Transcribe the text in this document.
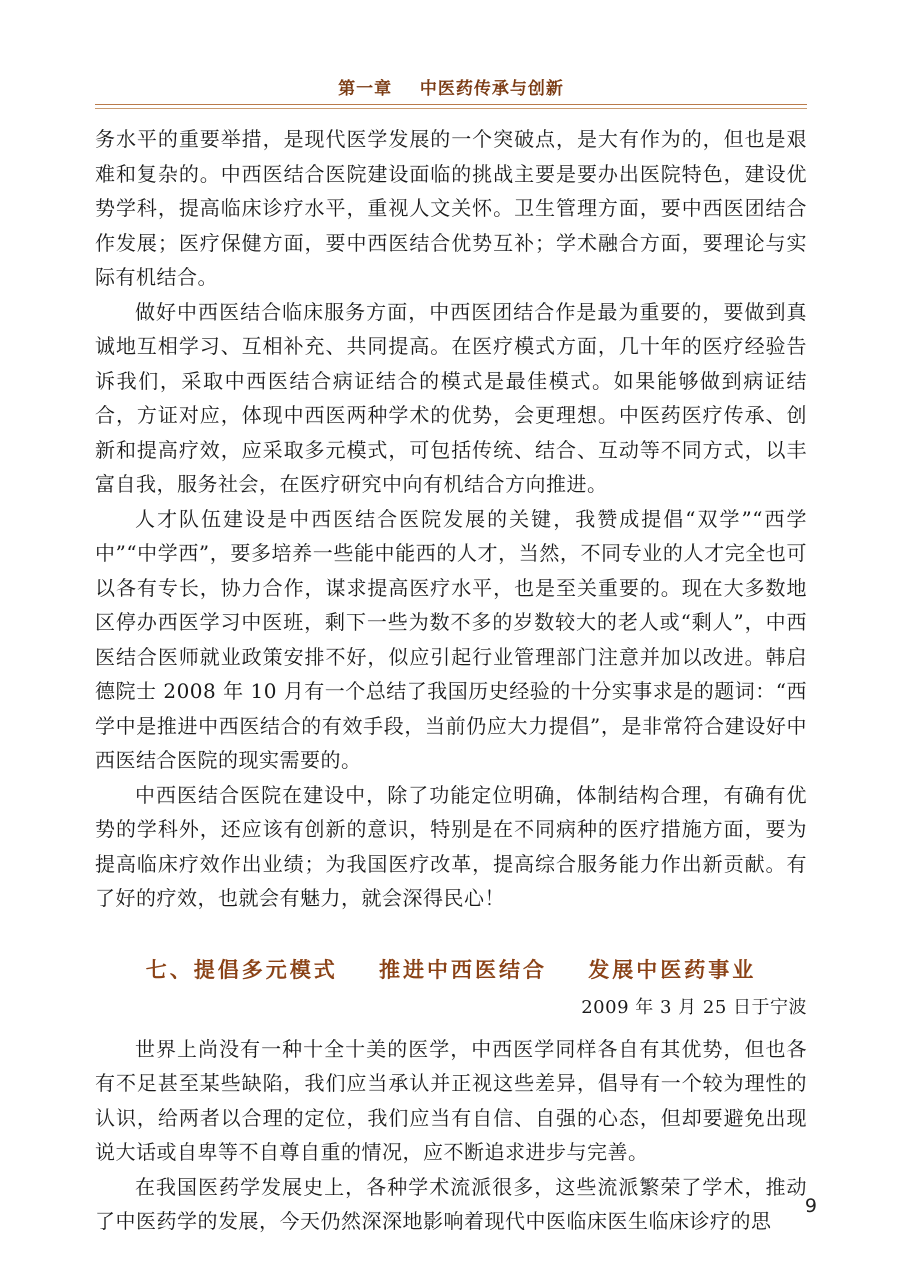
第一章    中医药传承与创新

务水平的重要举措，是现代医学发展的一个突破点，是大有作为的，但也是艰难和复杂的。中西医结合医院建设面临的挑战主要是要办出医院特色，建设优势学科，提高临床诊疗水平，重视人文关怀。卫生管理方面，要中西医团结合作发展；医疗保健方面，要中西医结合优势互补；学术融合方面，要理论与实际有机结合。

做好中西医结合临床服务方面，中西医团结合作是最为重要的，要做到真诚地互相学习、互相补充、共同提高。在医疗模式方面，几十年的医疗经验告诉我们，采取中西医结合病证结合的模式是最佳模式。如果能够做到病证结合，方证对应，体现中西医两种学术的优势，会更理想。中医药医疗传承、创新和提高疗效，应采取多元模式，可包括传统、结合、互动等不同方式，以丰富自我，服务社会，在医疗研究中向有机结合方向推进。

人才队伍建设是中西医结合医院发展的关键，我赞成提倡“双学”“西学中”“中学西”，要多培养一些能中能西的人才，当然，不同专业的人才完全也可以各有专长，协力合作，谋求提高医疗水平，也是至关重要的。现在大多数地区停办西医学习中医班，剩下一些为数不多的岁数较大的老人或“剩人”，中西医结合医师就业政策安排不好，似应引起行业管理部门注意并加以改进。韩启德院士 2008 年 10 月有一个总结了我国历史经验的十分实事求是的题词：“西学中是推进中西医结合的有效手段，当前仍应大力提倡”，是非常符合建设好中西医结合医院的现实需要的。

中西医结合医院在建设中，除了功能定位明确，体制结构合理，有确有优势的学科外，还应该有创新的意识，特别是在不同病种的医疗措施方面，要为提高临床疗效作出业绩；为我国医疗改革，提高综合服务能力作出新贡献。有了好的疗效，也就会有魅力，就会深得民心！

七、提倡多元模式    推进中西医结合    发展中医药事业
2009 年 3 月 25 日于宁波

世界上尚没有一种十全十美的医学，中西医学同样各自有其优势，但也各有不足甚至某些缺陷，我们应当承认并正视这些差异，倡导有一个较为理性的认识，给两者以合理的定位，我们应当有自信、自强的心态，但却要避免出现说大话或自卑等不自尊自重的情况，应不断追求进步与完善。

在我国医药学发展史上，各种学术流派很多，这些流派繁荣了学术，推动了中医药学的发展，今天仍然深深地影响着现代中医临床医生临床诊疗的思

9
